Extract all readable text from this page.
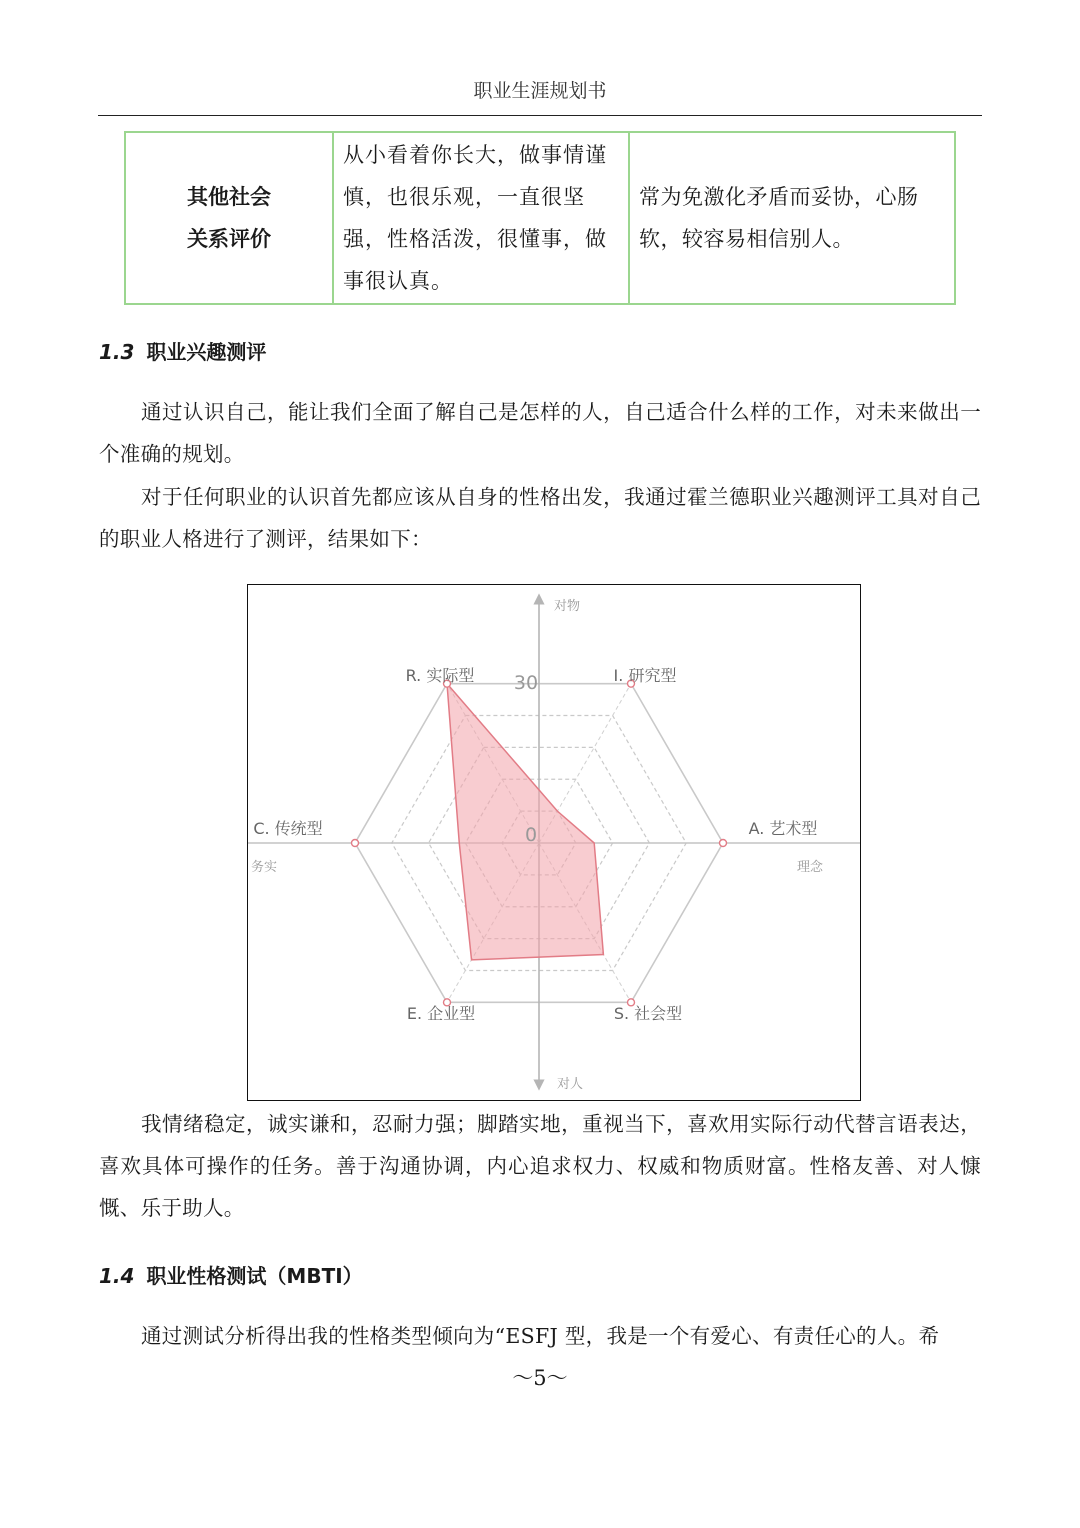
职业生涯规划书
其他社会
关系评价
	从小看着你长大，做事情谨慎，也很乐观，一直很坚强，性格活泼，很懂事，做事很认真。	常为免激化矛盾而妥协，心肠软，较容易相信别人。
1.3 职业兴趣测评

通过认识自己，能让我们全面了解自己是怎样的人，自己适合什么样的工作，对未来做出一个准确的规划。

对于任何职业的认识首先都应该从自身的性格出发，我通过霍兰德职业兴趣测评工具对自己的职业人格进行了测评，结果如下：

R. 实际型	I. 研究型
A. 艺术型
S. 社会型
E. 企业型
C. 传统型
30
0
对物
对人
务实	理念

我情绪稳定，诚实谦和，忍耐力强；脚踏实地，重视当下，喜欢用实际行动代替言语表达，喜欢具体可操作的任务。善于沟通协调，内心追求权力、权威和物质财富。性格友善、对人慷慨、乐于助人。

1.4 职业性格测试（MBTI）

通过测试分析得出我的性格类型倾向为“ESFJ 型，我是一个有爱心、有责任心的人。希

～5～
